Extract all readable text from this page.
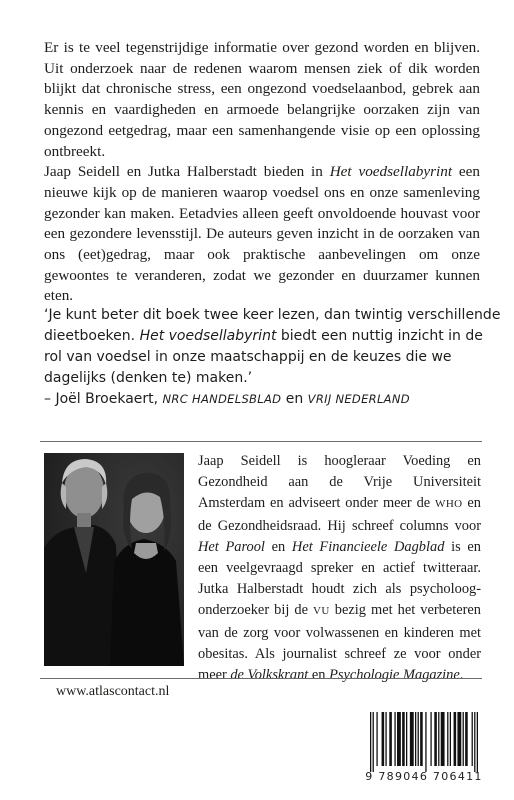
Er is te veel tegenstrijdige informatie over gezond worden en blijven. Uit onderzoek naar de redenen waarom mensen ziek of dik worden blijkt dat chronische stress, een ongezond voedselaanbod, gebrek aan kennis en vaardigheden en armoede belangrijke oorzaken zijn van ongezond eetgedrag, maar een samenhangende visie op een oplossing ontbreekt.

Jaap Seidell en Jutka Halberstadt bieden in Het voedsellabyrint een nieuwe kijk op de manieren waarop voedsel ons en onze samenleving gezonder kan maken. Eetadvies alleen geeft onvoldoende houvast voor een gezondere levensstijl. De auteurs geven inzicht in de oorzaken van ons (eet)gedrag, maar ook praktische aanbevelingen om onze gewoontes te veranderen, zodat we gezonder en duurzamer kunnen eten.

‘Je kunt beter dit boek twee keer lezen, dan twintig verschillende dieetboeken. Het voedsellabyrint biedt een nuttig inzicht in de rol van voedsel in onze maatschappij en de keuzes die we dagelijks (denken te) maken.’

– Joël Broekaert, NRC HANDELSBLAD en VRIJ NEDERLAND

Jaap Seidell is hoogleraar Voeding en Gezondheid aan de Vrije Universiteit Amsterdam en adviseert onder meer de WHO en de Gezondheidsraad. Hij schreef columns voor Het Parool en Het Financieele Dagblad is en een veelgevraagd spreker en actief twitteraar. Jutka Halberstadt houdt zich als psycholoog-onderzoeker bij de VU bezig met het verbeteren van de zorg voor volwassenen en kinderen met obesitas. Als journalist schreef ze voor onder meer de Volkskrant en Psychologie Magazine.

www.atlascontact.nl
9 789046 706411
